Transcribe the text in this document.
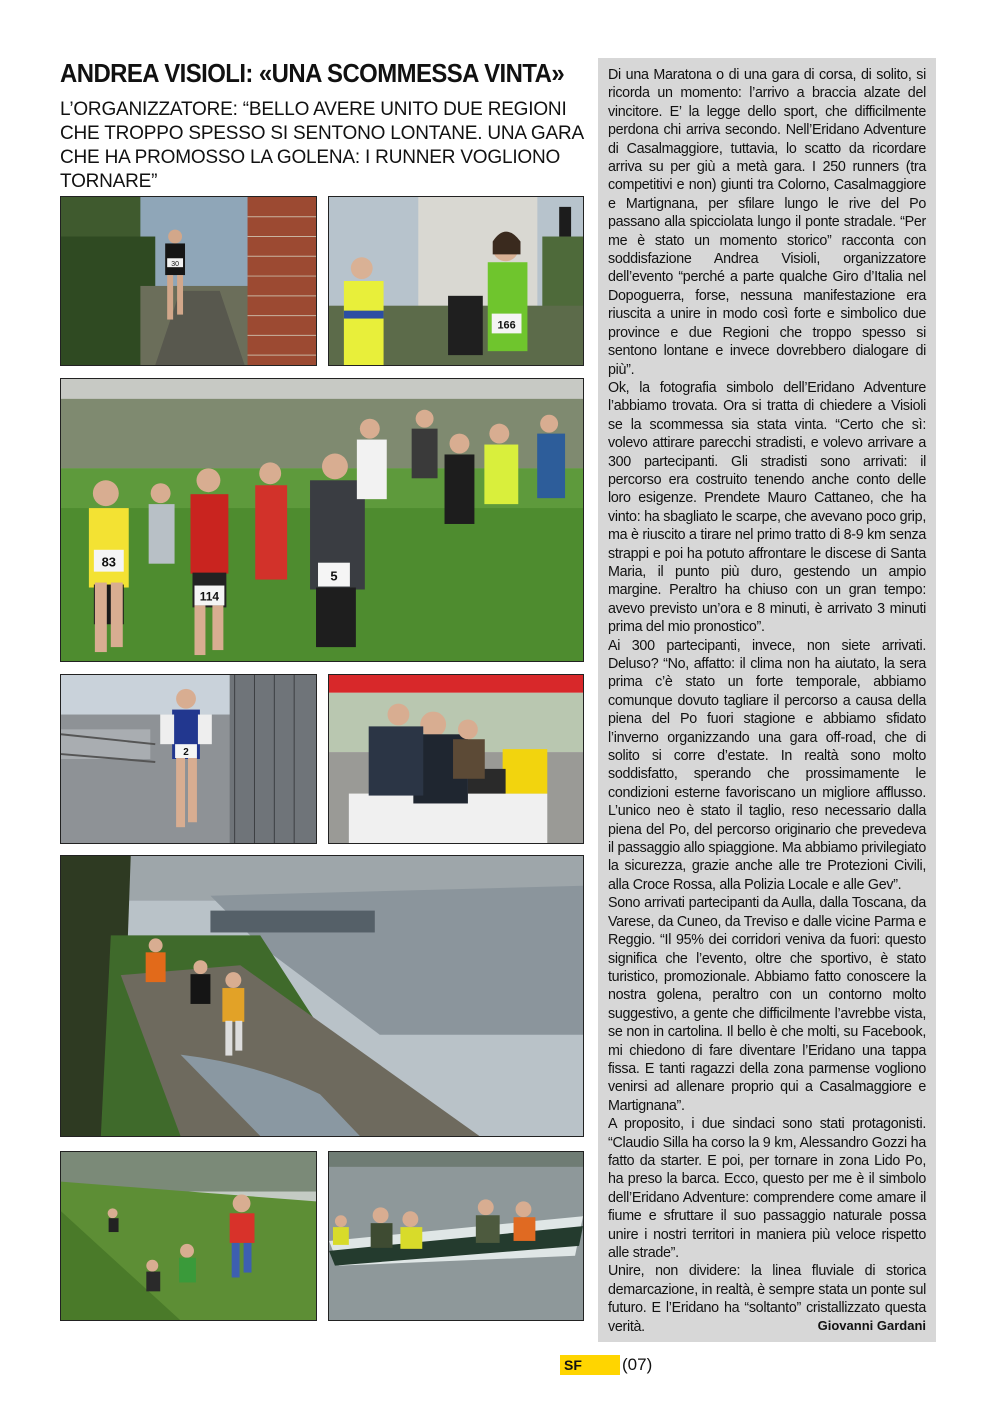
ANDREA VISIOLI: «UNA SCOMMESSA VINTA»

L’ORGANIZZATORE: “BELLO AVERE UNITO DUE REGIONI CHE TROPPO SPESSO SI SENTONO LONTANE. UNA GARA CHE HA PROMOSSO LA GOLENA: I RUNNER VOGLIONO TORNARE”

30
166
83
114
5
2

Di una Maratona o di una gara di corsa, di solito, si ricorda un momento: l’arrivo a braccia alzate del vincitore. E’ la legge dello sport, che difficilmente perdona chi arriva secondo. Nell’Eridano Adventure di Casalmaggiore, tuttavia, lo scatto da ricordare arriva su per giù a metà gara. I 250 runners (tra competitivi e non) giunti tra Colorno, Casalmaggiore e Martignana, per sfilare lungo le rive del Po passano alla spicciolata lungo il ponte stradale. “Per me è stato un momento storico” racconta con soddisfazione Andrea Visioli, organizzatore dell’evento “perché a parte qualche Giro d’Italia nel Dopoguerra, forse, nessuna manifestazione era riuscita a unire in modo così forte e simbolico due province e due Regioni che troppo spesso si sentono lontane e invece dovrebbero dialogare di più”.

Ok, la fotografia simbolo dell’Eridano Adventure l’abbiamo trovata. Ora si tratta di chiedere a Visioli se la scommessa sia stata vinta. “Certo che sì: volevo attirare parecchi stradisti, e volevo arrivare a 300 partecipanti. Gli stradisti sono arrivati: il percorso era costruito tenendo anche conto delle loro esigenze. Prendete Mauro Cattaneo, che ha vinto: ha sbagliato le scarpe, che avevano poco grip, ma è riuscito a tirare nel primo tratto di 8-9 km senza strappi e poi ha potuto affrontare le discese di Santa Maria, il punto più duro, gestendo un ampio margine. Peraltro ha chiuso con un gran tempo: avevo previsto un’ora e 8 minuti, è arrivato 3 minuti prima del mio pronostico”.

Ai 300 partecipanti, invece, non siete arrivati. Deluso? “No, affatto: il clima non ha aiutato, la sera prima c’è stato un forte temporale, abbiamo comunque dovuto tagliare il percorso a causa della piena del Po fuori stagione e abbiamo sfidato l’inverno organizzando una gara off-road, che di solito si corre d’estate. In realtà sono molto soddisfatto, sperando che prossimamente le condizioni esterne favoriscano un migliore afflusso. L’unico neo è stato il taglio, reso necessario dalla piena del Po, del percorso originario che prevedeva il passaggio allo spiaggione. Ma abbiamo privilegiato la sicurezza, grazie anche alle tre Protezioni Civili, alla Croce Rossa, alla Polizia Locale e alle Gev”.

Sono arrivati partecipanti da Aulla, dalla Toscana, da Varese, da Cuneo, da Treviso e dalle vicine Parma e Reggio. “Il 95% dei corridori veniva da fuori: questo significa che l’evento, oltre che sportivo, è stato turistico, promozionale. Abbiamo fatto conoscere la nostra golena, peraltro con un contorno molto suggestivo, a gente che difficilmente l’avrebbe vista, se non in cartolina. Il bello è che molti, su Facebook, mi chiedono di fare diventare l’Eridano una tappa fissa. E tanti ragazzi della zona parmense vogliono venirsi ad allenare proprio qui a Casalmaggiore e Martignana”.

A proposito, i due sindaci sono stati protagonisti. “Claudio Silla ha corso la 9 km, Alessandro Gozzi ha fatto da starter. E poi, per tornare in zona Lido Po, ha preso la barca. Ecco, questo per me è il simbolo dell’Eridano Adventure: comprendere come amare il fiume e sfruttare il suo passaggio naturale possa unire i nostri territori in maniera più veloce rispetto alle strade”.

Unire, non dividere: la linea fluviale di storica demarcazione, in realtà, è sempre stata un ponte sul futuro. E l’Eridano ha “soltanto” cristallizzato questa verità.	Giovanni Gardani
SF	(07)
